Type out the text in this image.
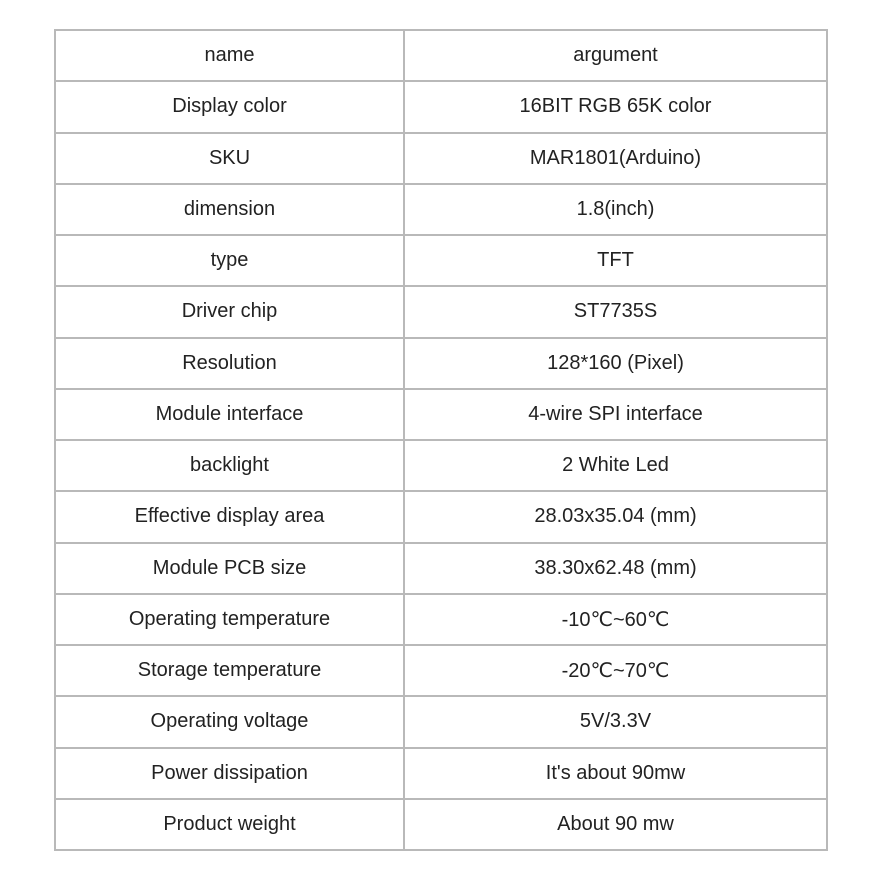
name	argument
Display color	16BIT RGB 65K color
SKU	MAR1801(Arduino)
dimension	1.8(inch)
type	TFT
Driver chip	ST7735S
Resolution	128*160 (Pixel)
Module interface	4-wire SPI interface
backlight	2 White Led
Effective display area	28.03x35.04 (mm)
Module PCB size	38.30x62.48 (mm)
Operating temperature	-10℃~60℃
Storage temperature	-20℃~70℃
Operating voltage	5V/3.3V
Power dissipation	It's about 90mw
Product weight	About 90 mw
